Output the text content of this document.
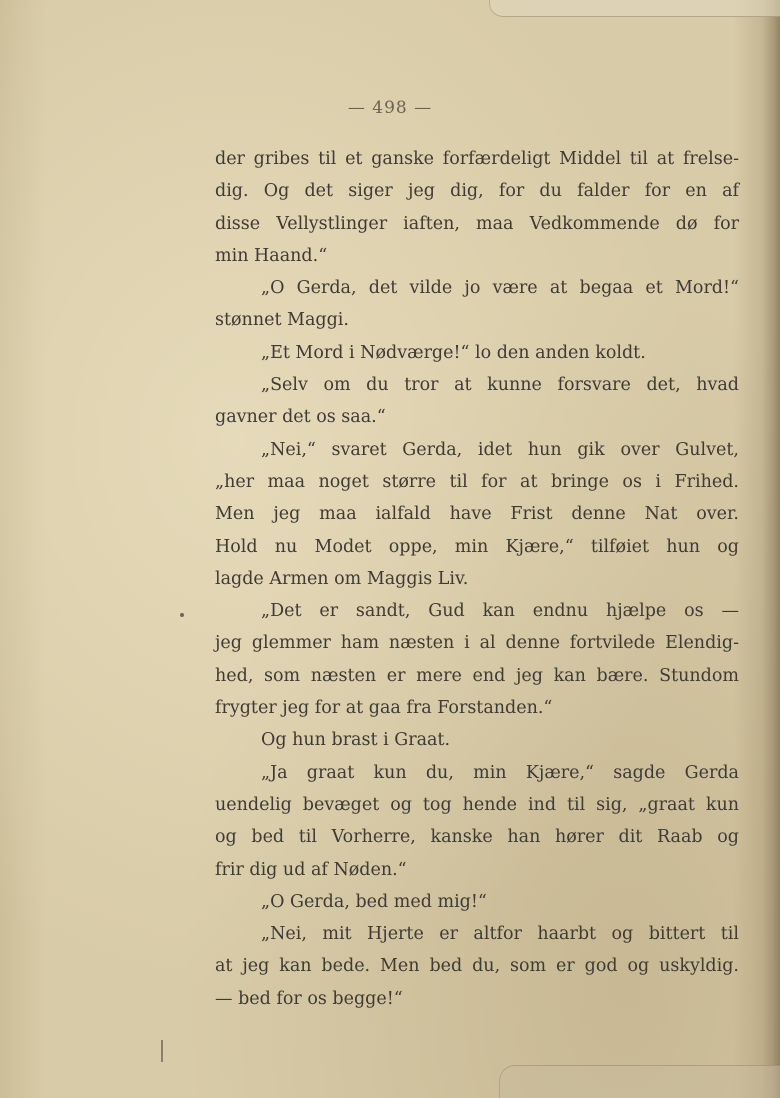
— 498 —
der gribes til et ganske forfærdeligt Middel til at frelse-
dig. Og det siger jeg dig, for du falder for en af
disse Vellystlinger iaften, maa Vedkommende dø for
min Haand.“
„O Gerda, det vilde jo være at begaa et Mord!“
stønnet Maggi.
„Et Mord i Nødværge!“ lo den anden koldt.
„Selv om du tror at kunne forsvare det, hvad
gavner det os saa.“
„Nei,“ svaret Gerda, idet hun gik over Gulvet,
„her maa noget større til for at bringe os i Frihed.
Men jeg maa ialfald have Frist denne Nat over.
Hold nu Modet oppe, min Kjære,“ tilføiet hun og
lagde Armen om Maggis Liv.
„Det er sandt, Gud kan endnu hjælpe os —
jeg glemmer ham næsten i al denne fortvilede Elendig-
hed, som næsten er mere end jeg kan bære. Stundom
frygter jeg for at gaa fra Forstanden.“
Og hun brast i Graat.
„Ja graat kun du, min Kjære,“ sagde Gerda
uendelig bevæget og tog hende ind til sig, „graat kun
og bed til Vorherre, kanske han hører dit Raab og
frir dig ud af Nøden.“
„O Gerda, bed med mig!“
„Nei, mit Hjerte er altfor haarbt og bittert til
at jeg kan bede. Men bed du, som er god og uskyldig.
— bed for os begge!“
